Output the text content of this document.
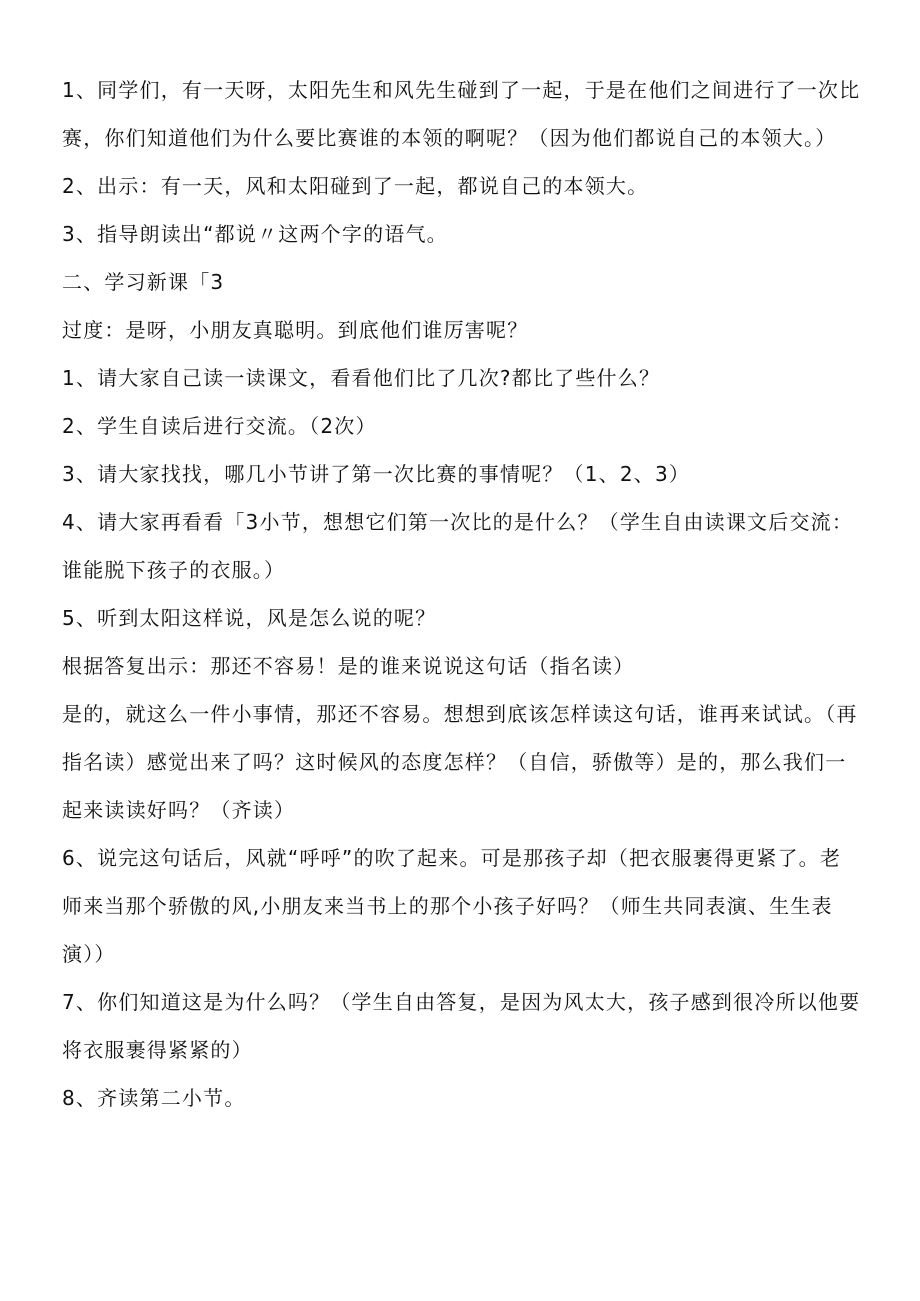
1、同学们，有一天呀，太阳先生和风先生碰到了一起，于是在他们之间进行了一次比赛，你们知道他们为什么要比赛谁的本领的啊呢？（因为他们都说自己的本领大。）

2、出示：有一天，风和太阳碰到了一起，都说自己的本领大。

3、指导朗读出“都说〃这两个字的语气。

二、学习新课「3

过度：是呀，小朋友真聪明。到底他们谁厉害呢？

1、请大家自己读一读课文，看看他们比了几次?都比了些什么？

2、学生自读后进行交流。（2次）

3、请大家找找，哪几小节讲了第一次比赛的事情呢？（1、2、3）

4、请大家再看看「3小节，想想它们第一次比的是什么？（学生自由读课文后交流：谁能脱下孩子的衣服。）

5、听到太阳这样说，风是怎么说的呢？

根据答复出示：那还不容易！是的谁来说说这句话（指名读）

是的，就这么一件小事情，那还不容易。想想到底该怎样读这句话，谁再来试试。（再指名读）感觉出来了吗？这时候风的态度怎样？（自信，骄傲等）是的，那么我们一起来读读好吗？（齐读）

6、说完这句话后，风就“呼呼”的吹了起来。可是那孩子却（把衣服裹得更紧了。老师来当那个骄傲的风,小朋友来当书上的那个小孩子好吗？（师生共同表演、生生表演））

7、你们知道这是为什么吗？（学生自由答复，是因为风太大，孩子感到很冷所以他要将衣服裹得紧紧的）

8、齐读第二小节。
